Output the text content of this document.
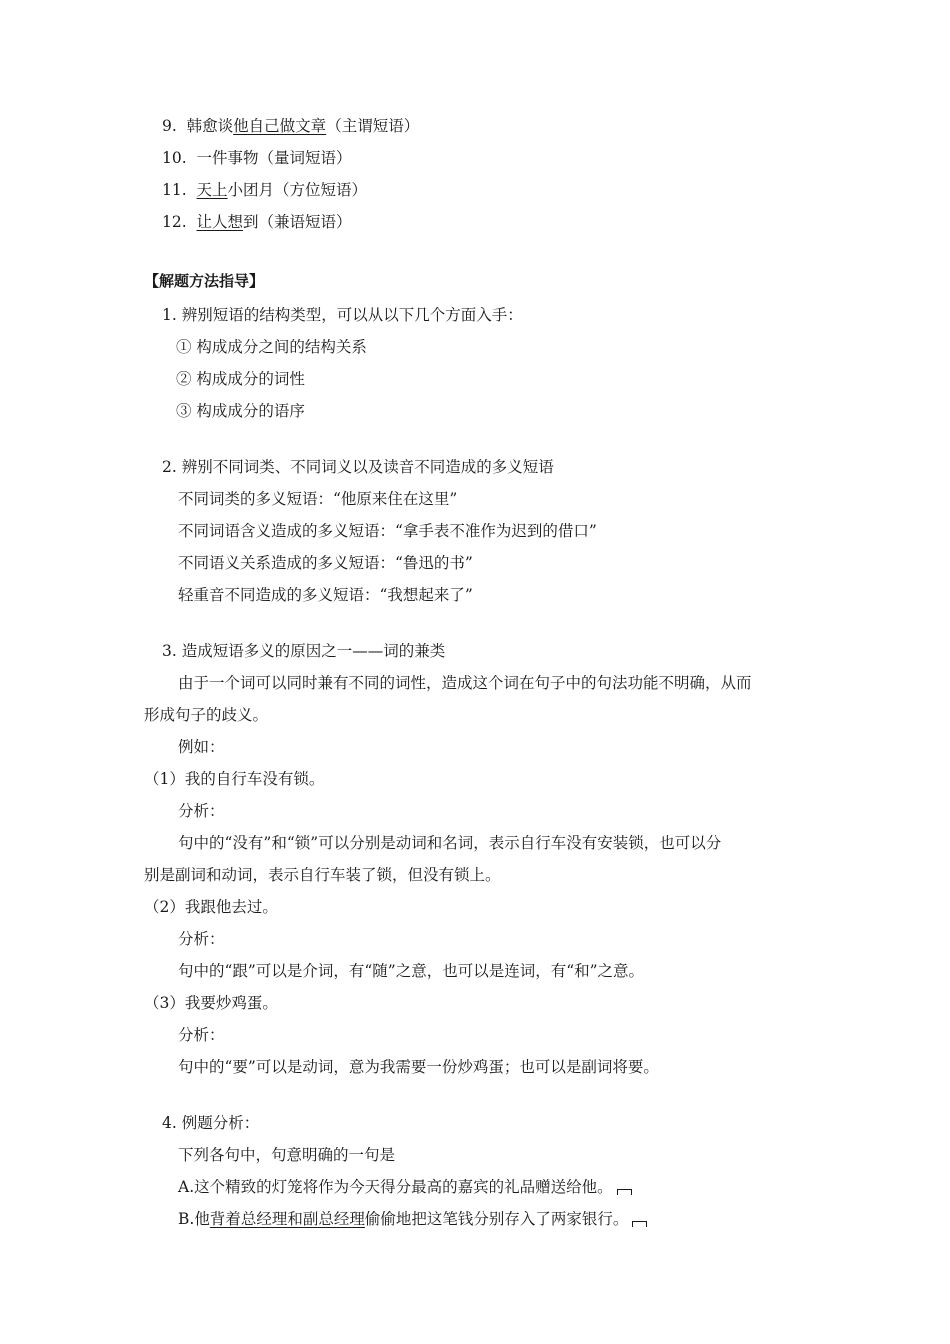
9. 韩愈谈他自己做文章（主谓短语）
10. 一件事物（量词短语）
11. 天上小团月（方位短语）
12. 让人想到（兼语短语）
【解题方法指导】
1. 辨别短语的结构类型，可以从以下几个方面入手：
① 构成成分之间的结构关系
② 构成成分的词性
③ 构成成分的语序
2. 辨别不同词类、不同词义以及读音不同造成的多义短语
不同词类的多义短语：“他原来住在这里”
不同词语含义造成的多义短语：“拿手表不准作为迟到的借口”
不同语义关系造成的多义短语：“鲁迅的书”
轻重音不同造成的多义短语：“我想起来了”
3. 造成短语多义的原因之一——词的兼类
由于一个词可以同时兼有不同的词性，造成这个词在句子中的句法功能不明确，从而
形成句子的歧义。
例如：
（1）我的自行车没有锁。
分析：
句中的“没有”和“锁”可以分别是动词和名词，表示自行车没有安装锁，也可以分
别是副词和动词，表示自行车装了锁，但没有锁上。
（2）我跟他去过。
分析：
句中的“跟”可以是介词，有“随”之意，也可以是连词，有“和”之意。
（3）我要炒鸡蛋。
分析：
句中的“要”可以是动词，意为我需要一份炒鸡蛋；也可以是副词将要。
4. 例题分析：
下列各句中，句意明确的一句是
A.这个精致的灯笼将作为今天得分最高的嘉宾的礼品赠送给他。
B.他背着总经理和副总经理偷偷地把这笔钱分别存入了两家银行。
